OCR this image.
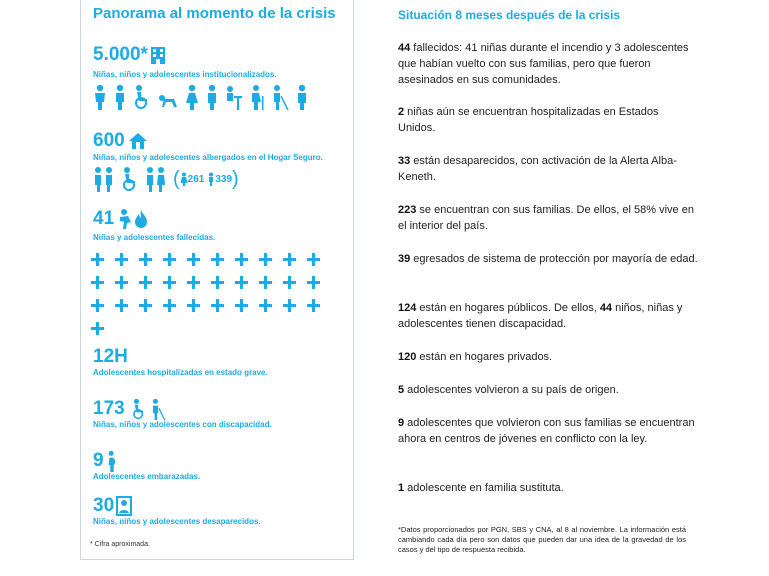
Panorama al momento de la crisis
5.000*
Niñas, niños y adolescentes institucionalizados.
600
Niñas, niños y adolescentes albergados en el Hogar Seguro.
( 261 339 )
41
Niñas y adolescentes fallecidas.
12H
Adolescentes hospitalizadas en estado grave.
173
Niñas, niños y adolescentes con discapacidad.
9
Adolescentes embarazadas.
30
Niñas, niños y adolescentes desaparecidos.
* Cifra aproximada.
Situación 8 meses después de la crisis
44 fallecidos: 41 niñas durante el incendio y 3 adolescentes que habían vuelto con sus familias, pero que fueron asesinados en sus comunidades.
2 niñas aún se encuentran hospitalizadas en Estados Unidos.
33 están desaparecidos, con activación de la Alerta Alba-Keneth.
223 se encuentran con sus familias. De ellos, el 58% vive en el interior del país.
39 egresados de sistema de protección por mayoría de edad.
124 están en hogares públicos. De ellos, 44 niños, niñas y adolescentes tienen discapacidad.
120 están en hogares privados.
5 adolescentes volvieron a su país de origen.
9 adolescentes que volvieron con sus familias se encuentran ahora en centros de jóvenes en conflicto con la ley.
1 adolescente en familia sustituta.
*Datos proporcionados por PGN, SBS y CNA, al 8 al noviembre. La información está cambiando cada día pero son datos que pueden dar una idea de la gravedad de los casos y del tipo de respuesta recibida.
